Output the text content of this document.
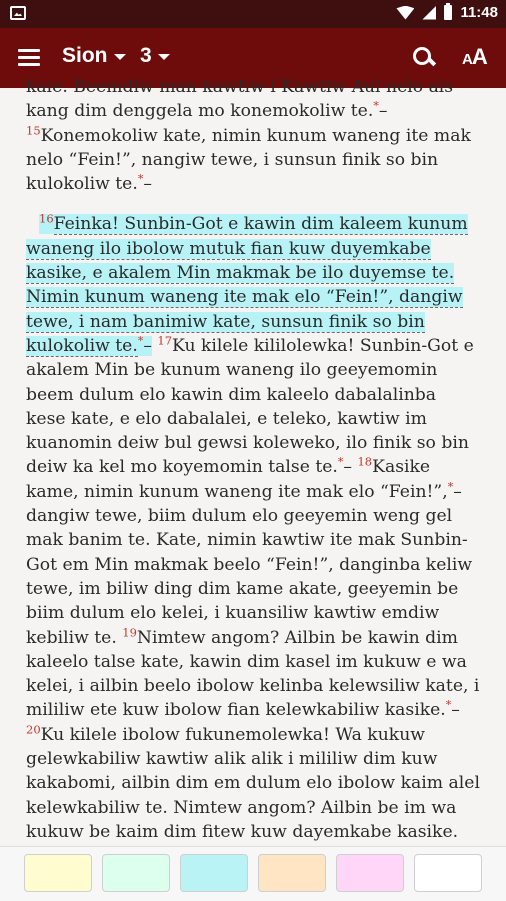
11:48
Sion 3	AA

kale. Beemdiw man kawtiw i Kawtiw Aul nelo als kang dim denggela mo konemokoliw te.*– $^{15}$Konemokoliw kate, nimin kunum waneng ite mak nelo “Fein!”, nangiw tewe, i sunsun finik so bin kulokoliw te.*–

$^{16}$Feinka! Sunbin-Got e kawin dim kaleem kunum waneng ilo ibolow mutuk fian kuw duyemkabe kasike, e akalem Min makmak be ilo duyemse te. Nimin kunum waneng ite mak elo “Fein!”, dangiw tewe, i nam banimiw kate, sunsun finik so bin kulokoliw te.*– $^{17}$Ku kilele kililolewka! Sunbin-Got e akalem Min be kunum waneng ilo geeyemomin beem dulum elo kawin dim kaleelo dabalalinba kese kate, e elo dabalalei, e teleko, kawtiw im kuanomin deiw bul gewsi koleweko, ilo finik so bin deiw ka kel mo koyemomin talse te.*– $^{18}$Kasike kame, nimin kunum waneng ite mak elo “Fein!”,*– dangiw tewe, biim dulum elo geeyemin weng gel mak banim te. Kate, nimin kawtiw ite mak Sunbin-Got em Min makmak beelo “Fein!”, danginba keliw tewe, im biliw ding dim kame akate, geeyemin be biim dulum elo kelei, i kuansiliw kawtiw emdiw kebiliw te. $^{19}$Nimtew angom? Ailbin be kawin dim kaleelo talse kate, kawin dim kasel im kukuw e wa kelei, i ailbin beelo ibolow kelinba kelewsiliw kate, i mililiw ete kuw ibolow fian kelewkabiliw kasike.*– $^{20}$Ku kilele ibolow fukunemolewka! Wa kukuw gelewkabiliw kawtiw alik alik i mililiw dim kuw kakabomi, ailbin dim em dulum elo ibolow kaim alel kelewkabiliw te. Nimtew angom? Ailbin be im wa kukuw be kaim dim fitew kuw dayemkabe kasike.
